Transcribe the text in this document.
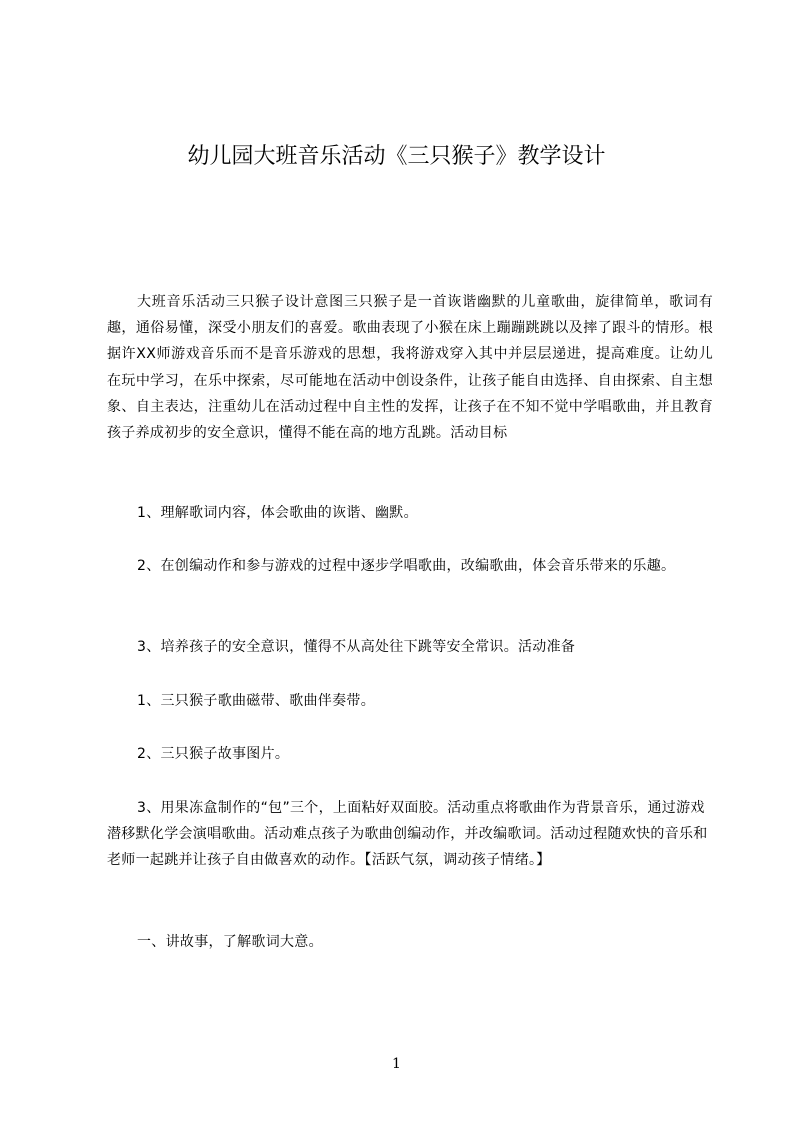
幼儿园大班音乐活动《三只猴子》教学设计

大班音乐活动三只猴子设计意图三只猴子是一首诙谐幽默的儿童歌曲，旋律简单，歌词有趣，通俗易懂，深受小朋友们的喜爱。歌曲表现了小猴在床上蹦蹦跳跳以及摔了跟斗的情形。根据许XX师游戏音乐而不是音乐游戏的思想，我将游戏穿入其中并层层递进，提高难度。让幼儿在玩中学习，在乐中探索，尽可能地在活动中创设条件，让孩子能自由选择、自由探索、自主想象、自主表达，注重幼儿在活动过程中自主性的发挥，让孩子在不知不觉中学唱歌曲，并且教育孩子养成初步的安全意识，懂得不能在高的地方乱跳。活动目标

1、理解歌词内容，体会歌曲的诙谐、幽默。

2、在创编动作和参与游戏的过程中逐步学唱歌曲，改编歌曲，体会音乐带来的乐趣。

3、培养孩子的安全意识，懂得不从高处往下跳等安全常识。活动准备

1、三只猴子歌曲磁带、歌曲伴奏带。

2、三只猴子故事图片。

3、用果冻盒制作的“包”三个，上面粘好双面胶。活动重点将歌曲作为背景音乐，通过游戏潜移默化学会演唱歌曲。活动难点孩子为歌曲创编动作，并改编歌词。活动过程随欢快的音乐和老师一起跳并让孩子自由做喜欢的动作。【活跃气氛，调动孩子情绪。】

一、讲故事，了解歌词大意。

1
